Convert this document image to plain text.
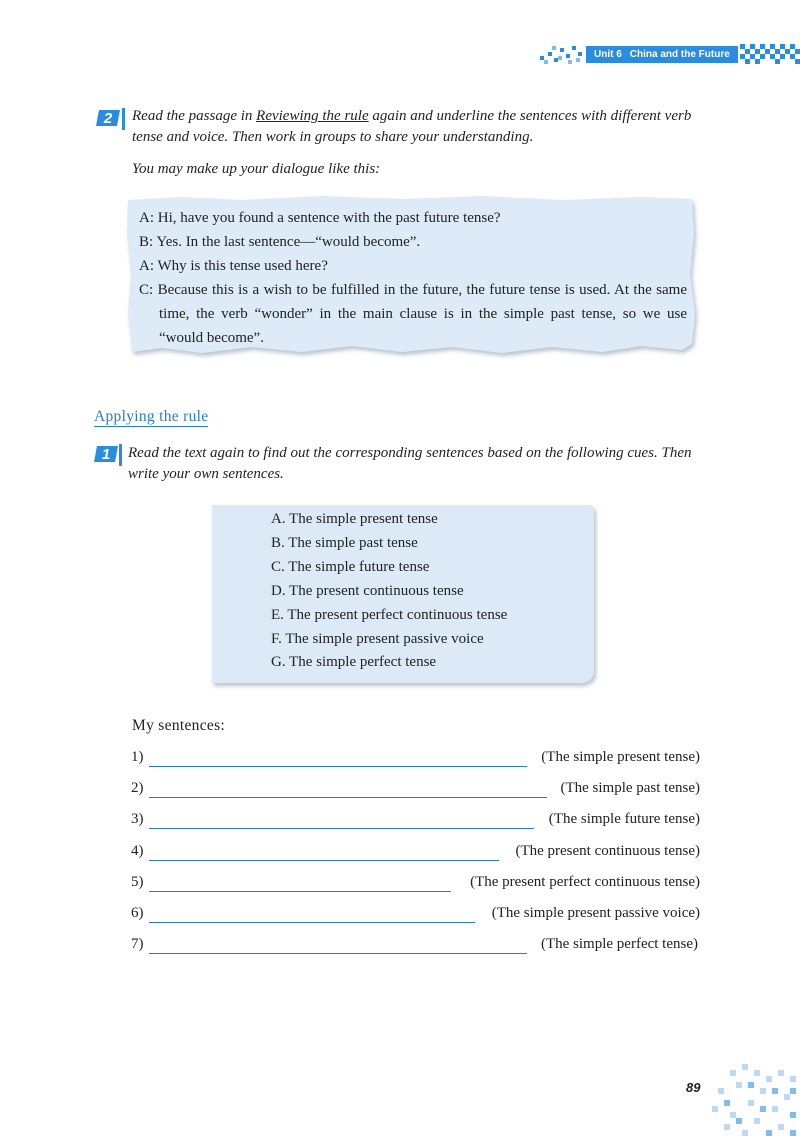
Unit 6 China and the Future
2 Read the passage in Reviewing the rule again and underline the sentences with different verb tense and voice. Then work in groups to share your understanding.
You may make up your dialogue like this:

A: Hi, have you found a sentence with the past future tense?

B: Yes. In the last sentence—“would become”.

A: Why is this tense used here?

C: Because this is a wish to be fulfilled in the future, the future tense is used. At the same time, the verb “wonder” in the main clause is in the simple past tense, so we use “would become”.

Applying the rule
1 Read the text again to find out the corresponding sentences based on the following cues. Then write your own sentences.
A. The simple present tense
B. The simple past tense
C. The simple future tense
D. The present continuous tense
E. The present perfect continuous tense
F. The simple present passive voice
G. The simple perfect tense
My sentences:
1)	(The simple present tense)
2)	(The simple past tense)
3)	(The simple future tense)
4)	(The present continuous tense)
5)	(The present perfect continuous tense)
6)	(The simple present passive voice)
7)	(The simple perfect tense)
89
